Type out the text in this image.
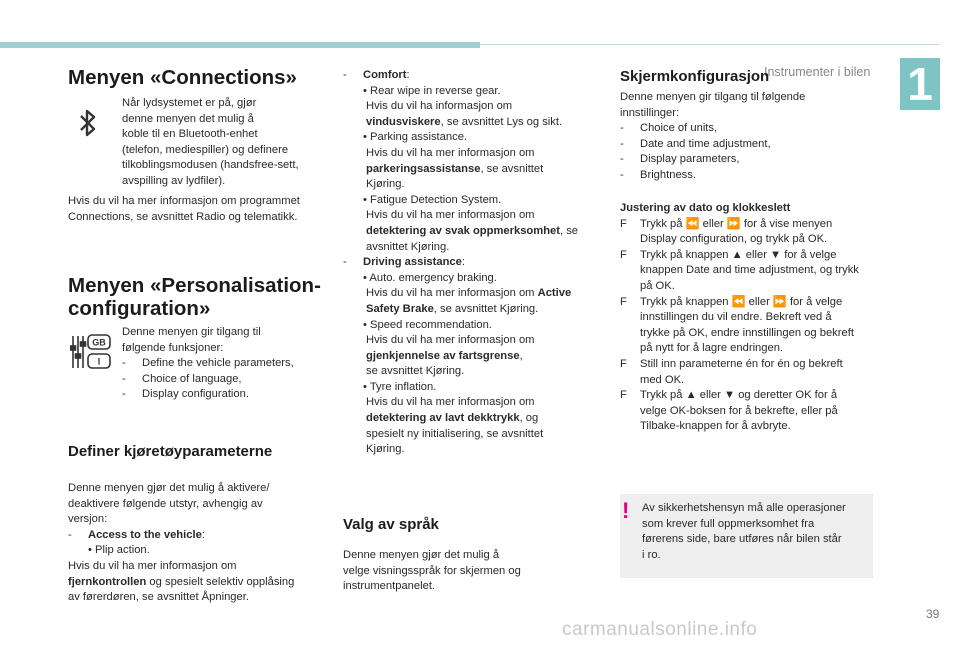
Instrumenter i bilen 1
39
Menyen «Connections»

Når lydsystemet er på, gjør

denne menyen det mulig å

koble til en Bluetooth-enhet

(telefon, mediespiller) og definere

tilkoblingsmodusen (handsfree-sett,

avspilling av lydfiler).

Hvis du vil ha mer informasjon om programmet

Connections, se avsnittet Radio og telematikk.

Menyen «Personalisation-

configuration»

GB
I

Denne menyen gir tilgang til

følgende funksjoner:

-	Define the vehicle parameters,
-	Choice of language,
-	Display configuration.

Definer kjøretøyparameterne

Denne menyen gjør det mulig å aktivere/

deaktivere følgende utstyr, avhengig av

versjon:

-	Access to the vehicle :

• Plip action.

Hvis du vil ha mer informasjon om

fjernkontrollen og spesielt selektiv opplåsing

av førerdøren, se avsnittet Åpninger.

-	Comfort :

• Rear wipe in reverse gear.

Hvis du vil ha informasjon om

vindusviskere, se avsnittet Lys og sikt.

• Parking assistance.

Hvis du vil ha mer informasjon om

parkeringsassistanse, se avsnittet

Kjøring.

• Fatigue Detection System.

Hvis du vil ha mer informasjon om

detektering av svak oppmerksomhet, se

avsnittet Kjøring.

-	Driving assistance :

• Auto. emergency braking.

Hvis du vil ha mer informasjon om Active

Safety Brake, se avsnittet Kjøring.

• Speed recommendation.

Hvis du vil ha mer informasjon om

gjenkjennelse av fartsgrense,

se avsnittet Kjøring.

• Tyre inflation.

Hvis du vil ha mer informasjon om

detektering av lavt dekktrykk, og

spesielt ny initialisering, se avsnittet

Kjøring.

Valg av språk

Denne menyen gjør det mulig å

velge visningsspråk for skjermen og

instrumentpanelet.

Skjermkonfigurasjon

Denne menyen gir tilgang til følgende

innstillinger:

-	Choice of units,
-	Date and time adjustment,
-	Display parameters,
-	Brightness.

Justering av dato og klokkeslett

F	Trykk på ⏪ eller ⏩ for å vise menyen

Display configuration, og trykk på OK.

F	Trykk på knappen ▲ eller ▼ for å velge

knappen Date and time adjustment, og trykk

på OK.

F	Trykk på knappen ⏪ eller ⏩ for å velge

innstillingen du vil endre. Bekreft ved å

trykke på OK, endre innstillingen og bekreft

på nytt for å lagre endringen.

F	Still inn parameterne én for én og bekreft

med OK.

F	Trykk på ▲ eller ▼ og deretter OK for å

velge OK-boksen for å bekrefte, eller på

Tilbake-knappen for å avbryte.

! Av sikkerhetshensyn må alle operasjoner

som krever full oppmerksomhet fra

førerens side, bare utføres når bilen står

i ro.

carmanualsonline.info
